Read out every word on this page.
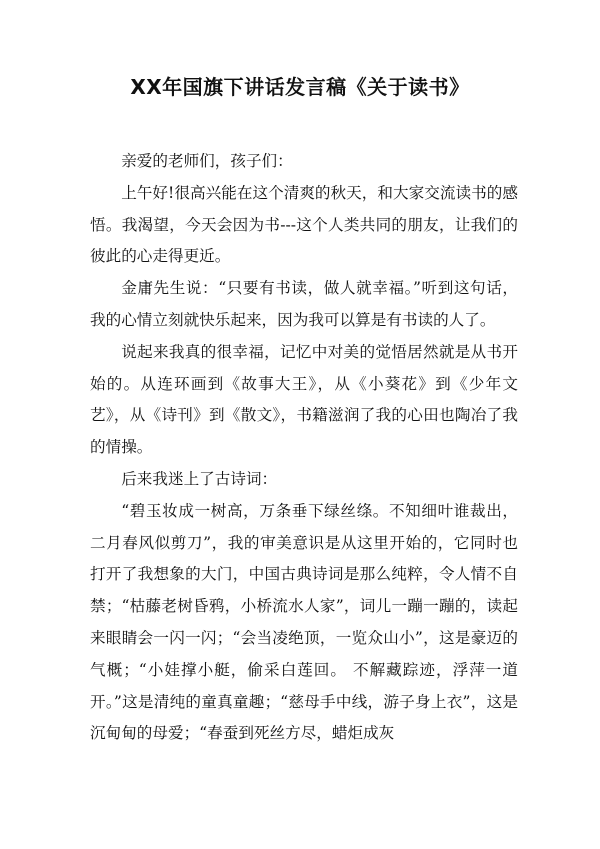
XX年国旗下讲话发言稿《关于读书》

亲爱的老师们，孩子们：

上午好!很高兴能在这个清爽的秋天，和大家交流读书的感悟。我渴望，今天会因为书---这个人类共同的朋友，让我们的彼此的心走得更近。

金庸先生说：“只要有书读，做人就幸福。”听到这句话，我的心情立刻就快乐起来，因为我可以算是有书读的人了。

说起来我真的很幸福，记忆中对美的觉悟居然就是从书开始的。从连环画到《故事大王》，从《小葵花》到《少年文艺》，从《诗刊》到《散文》，书籍滋润了我的心田也陶冶了我的情操。

后来我迷上了古诗词：

“碧玉妆成一树高，万条垂下绿丝绦。不知细叶谁裁出，二月春风似剪刀”，我的审美意识是从这里开始的，它同时也打开了我想象的大门，中国古典诗词是那么纯粹，令人情不自禁；“枯藤老树昏鸦，小桥流水人家”，词儿一蹦一蹦的，读起来眼睛会一闪一闪；“会当凌绝顶，一览众山小”，这是豪迈的气概；“小娃撑小艇，偷采白莲回。 不解藏踪迹，浮萍一道开。”这是清纯的童真童趣；“慈母手中线，游子身上衣”，这是沉甸甸的母爱；“春蚕到死丝方尽，蜡炬成灰
